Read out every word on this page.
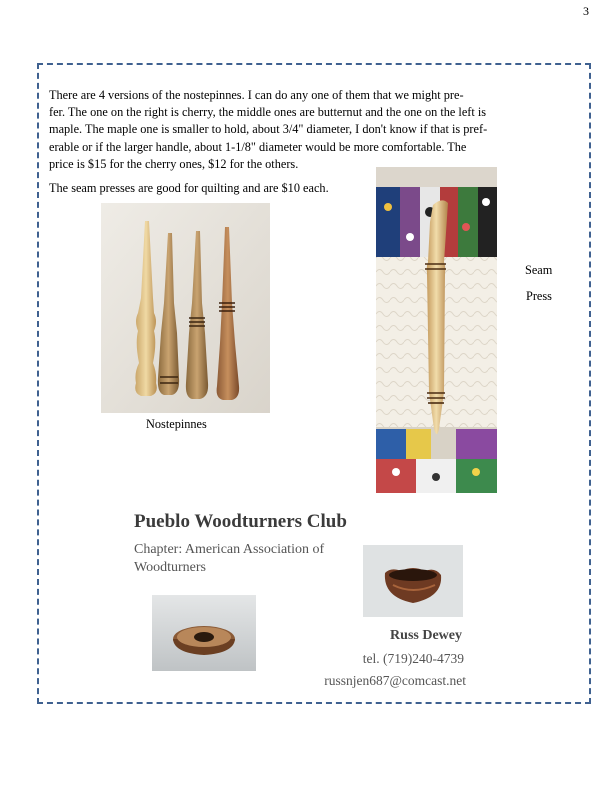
3

There are 4 versions of the nostepinnes. I can do any one of them that we might pre-
fer. The one on the right is cherry, the middle ones are butternut and the one on the left is
maple. The maple one is smaller to hold, about 3/4" diameter, I don't know if that is pref-
erable or if the larger handle, about 1-1/8" diameter would be more comfortable. The
price is $15 for the cherry ones, $12 for the others.

The seam presses are good for quilting and are $10 each.

Nostepinnes
Seam
Press
Pueblo Woodturners Club
Chapter: American Association of
Woodturners
Russ Dewey
tel. (719)240-4739
russnjen687@comcast.net
